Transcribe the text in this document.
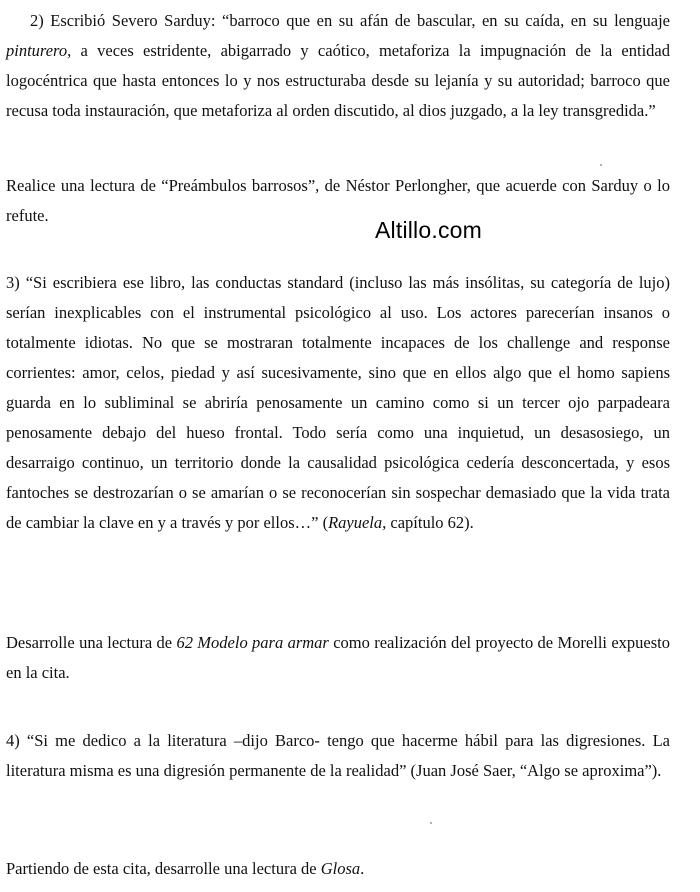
2) Escribió Severo Sarduy: “barroco que en su afán de bascular, en su caída, en su lenguaje pinturero, a veces estridente, abigarrado y caótico, metaforiza la impugnación de la entidad logocéntrica que hasta entonces lo y nos estructuraba desde su lejanía y su autoridad; barroco que recusa toda instauración, que metaforiza al orden discutido, al dios juzgado, a la ley transgredida.”

Realice una lectura de “Preámbulos barrosos”, de Néstor Perlongher, que acuerde con Sarduy o lo refute.

Altillo.com

3) “Si escribiera ese libro, las conductas standard (incluso las más insólitas, su categoría de lujo) serían inexplicables con el instrumental psicológico al uso. Los actores parecerían insanos o totalmente idiotas. No que se mostraran totalmente incapaces de los challenge and response corrientes: amor, celos, piedad y así sucesivamente, sino que en ellos algo que el homo sapiens guarda en lo subliminal se abriría penosamente un camino como si un tercer ojo parpadeara penosamente debajo del hueso frontal. Todo sería como una inquietud, un desasosiego, un desarraigo continuo, un territorio donde la causalidad psicológica cedería desconcertada, y esos fantoches se destrozarían o se amarían o se reconocerían sin sospechar demasiado que la vida trata de cambiar la clave en y a través y por ellos…” (Rayuela, capítulo 62).

Desarrolle una lectura de 62 Modelo para armar como realización del proyecto de Morelli expuesto en la cita.

4) “Si me dedico a la literatura –dijo Barco- tengo que hacerme hábil para las digresiones. La literatura misma es una digresión permanente de la realidad” (Juan José Saer, “Algo se aproxima”).

Partiendo de esta cita, desarrolle una lectura de Glosa.
